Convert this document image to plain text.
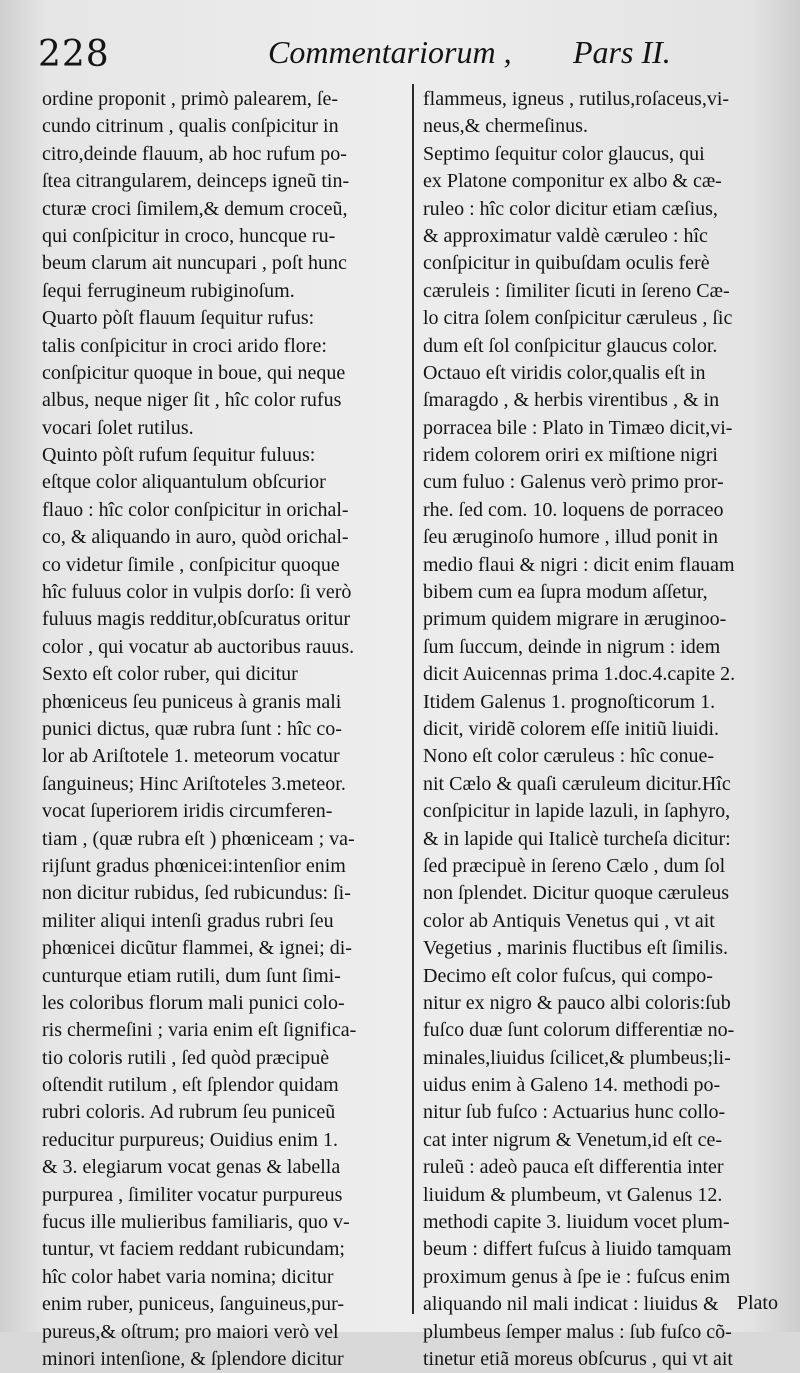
228	Commentariorum , Pars II.
ordine proponit , primò palearem, ſe-
cundo citrinum , qualis conſpicitur in
citro,deinde flauum, ab hoc rufum po-
ſtea citrangularem, deinceps igneũ tin-
cturæ croci ſimilem,& demum croceũ,
qui conſpicitur in croco, huncque ru-
beum clarum ait nuncupari , poſt hunc
ſequi ferrugineum rubiginoſum.
Quarto pòſt flauum ſequitur rufus:
talis conſpicitur in croci arido flore:
conſpicitur quoque in boue, qui neque
albus, neque niger ſit , hîc color rufus
vocari ſolet rutilus.
Quinto pòſt rufum ſequitur fuluus:
eſtque color aliquantulum obſcurior
flauo : hîc color conſpicitur in orichal-
co, & aliquando in auro, quòd orichal-
co videtur ſimile , conſpicitur quoque
hîc fuluus color in vulpis dorſo: ſi verò
fuluus magis redditur,obſcuratus oritur
color , qui vocatur ab auctoribus rauus.
Sexto eſt color ruber, qui dicitur
phœniceus ſeu puniceus à granis mali
punici dictus, quæ rubra ſunt : hîc co-
lor ab Ariſtotele 1. meteorum vocatur
ſanguineus; Hinc Ariſtoteles 3.meteor.
vocat ſuperiorem iridis circumferen-
tiam , (quæ rubra eſt ) phœniceam ; va-
rijſunt gradus phœnicei:intenſior enim
non dicitur rubidus, ſed rubicundus: ſi-
militer aliqui intenſi gradus rubri ſeu
phœnicei dicũtur flammei, & ignei; di-
cunturque etiam rutili, dum ſunt ſimi-
les coloribus florum mali punici colo-
ris chermeſini ; varia enim eſt ſignifica-
tio coloris rutili , ſed quòd præcipuè
oſtendit rutilum , eſt ſplendor quidam
rubri coloris. Ad rubrum ſeu puniceũ
reducitur purpureus; Ouidius enim 1.
& 3. elegiarum vocat genas & labella
purpurea , ſimiliter vocatur purpureus
fucus ille mulieribus familiaris, quo v-
tuntur, vt faciem reddant rubicundam;
hîc color habet varia nomina; dicitur
enim ruber, puniceus, ſanguineus,pur-
pureus,& oſtrum; pro maiori verò vel
minori intenſione, & ſplendore dicitur
flammeus, igneus , rutilus,roſaceus,vi-
neus,& chermeſinus.
Septimo ſequitur color glaucus, qui
ex Platone componitur ex albo & cæ-
ruleo : hîc color dicitur etiam cæſius,
& approximatur valdè cæruleo : hîc
conſpicitur in quibuſdam oculis ferè
cæruleis : ſimiliter ſicuti in ſereno Cæ-
lo citra ſolem conſpicitur cæruleus , ſic
dum eſt ſol conſpicitur glaucus color.
Octauo eſt viridis color,qualis eſt in
ſmaragdo , & herbis virentibus , & in
porracea bile : Plato in Timæo dicit,vi-
ridem colorem oriri ex miſtione nigri
cum fuluo : Galenus verò primo pror-
rhe. ſed com. 10. loquens de porraceo
ſeu æruginoſo humore , illud ponit in
medio flaui & nigri : dicit enim flauam
bibem cum ea ſupra modum aſſetur,
primum quidem migrare in æruginoo-
ſum ſuccum, deinde in nigrum : idem
dicit Auicennas prima 1.doc.4.capite 2.
Itidem Galenus 1. prognoſticorum 1.
dicit, viridẽ colorem eſſe initiũ liuidi.
Nono eſt color cæruleus : hîc conue-
nit Cælo & quaſi cæruleum dicitur.Hîc
conſpicitur in lapide lazuli, in ſaphyro,
& in lapide qui Italicè turcheſa dicitur:
ſed præcipuè in ſereno Cælo , dum ſol
non ſplendet. Dicitur quoque cæruleus
color ab Antiquis Venetus qui , vt ait
Vegetius , marinis fluctibus eſt ſimilis.
Decimo eſt color fuſcus, qui compo-
nitur ex nigro & pauco albi coloris:ſub
fuſco duæ ſunt colorum differentiæ no-
minales,liuidus ſcilicet,& plumbeus;li-
uidus enim à Galeno 14. methodi po-
nitur ſub fuſco : Actuarius hunc collo-
cat inter nigrum & Venetum,id eſt ce-
ruleũ : adeò pauca eſt differentia inter
liuidum & plumbeum, vt Galenus 12.
methodi capite 3. liuidum vocet plum-
beum : differt fuſcus à liuido tamquam
proximum genus à ſpe ie : fuſcus enim
aliquando nil mali indicat : liuidus &
plumbeus ſemper malus : ſub fuſco cõ-
tinetur etiã moreus obſcurus , qui vt ait
Plato
